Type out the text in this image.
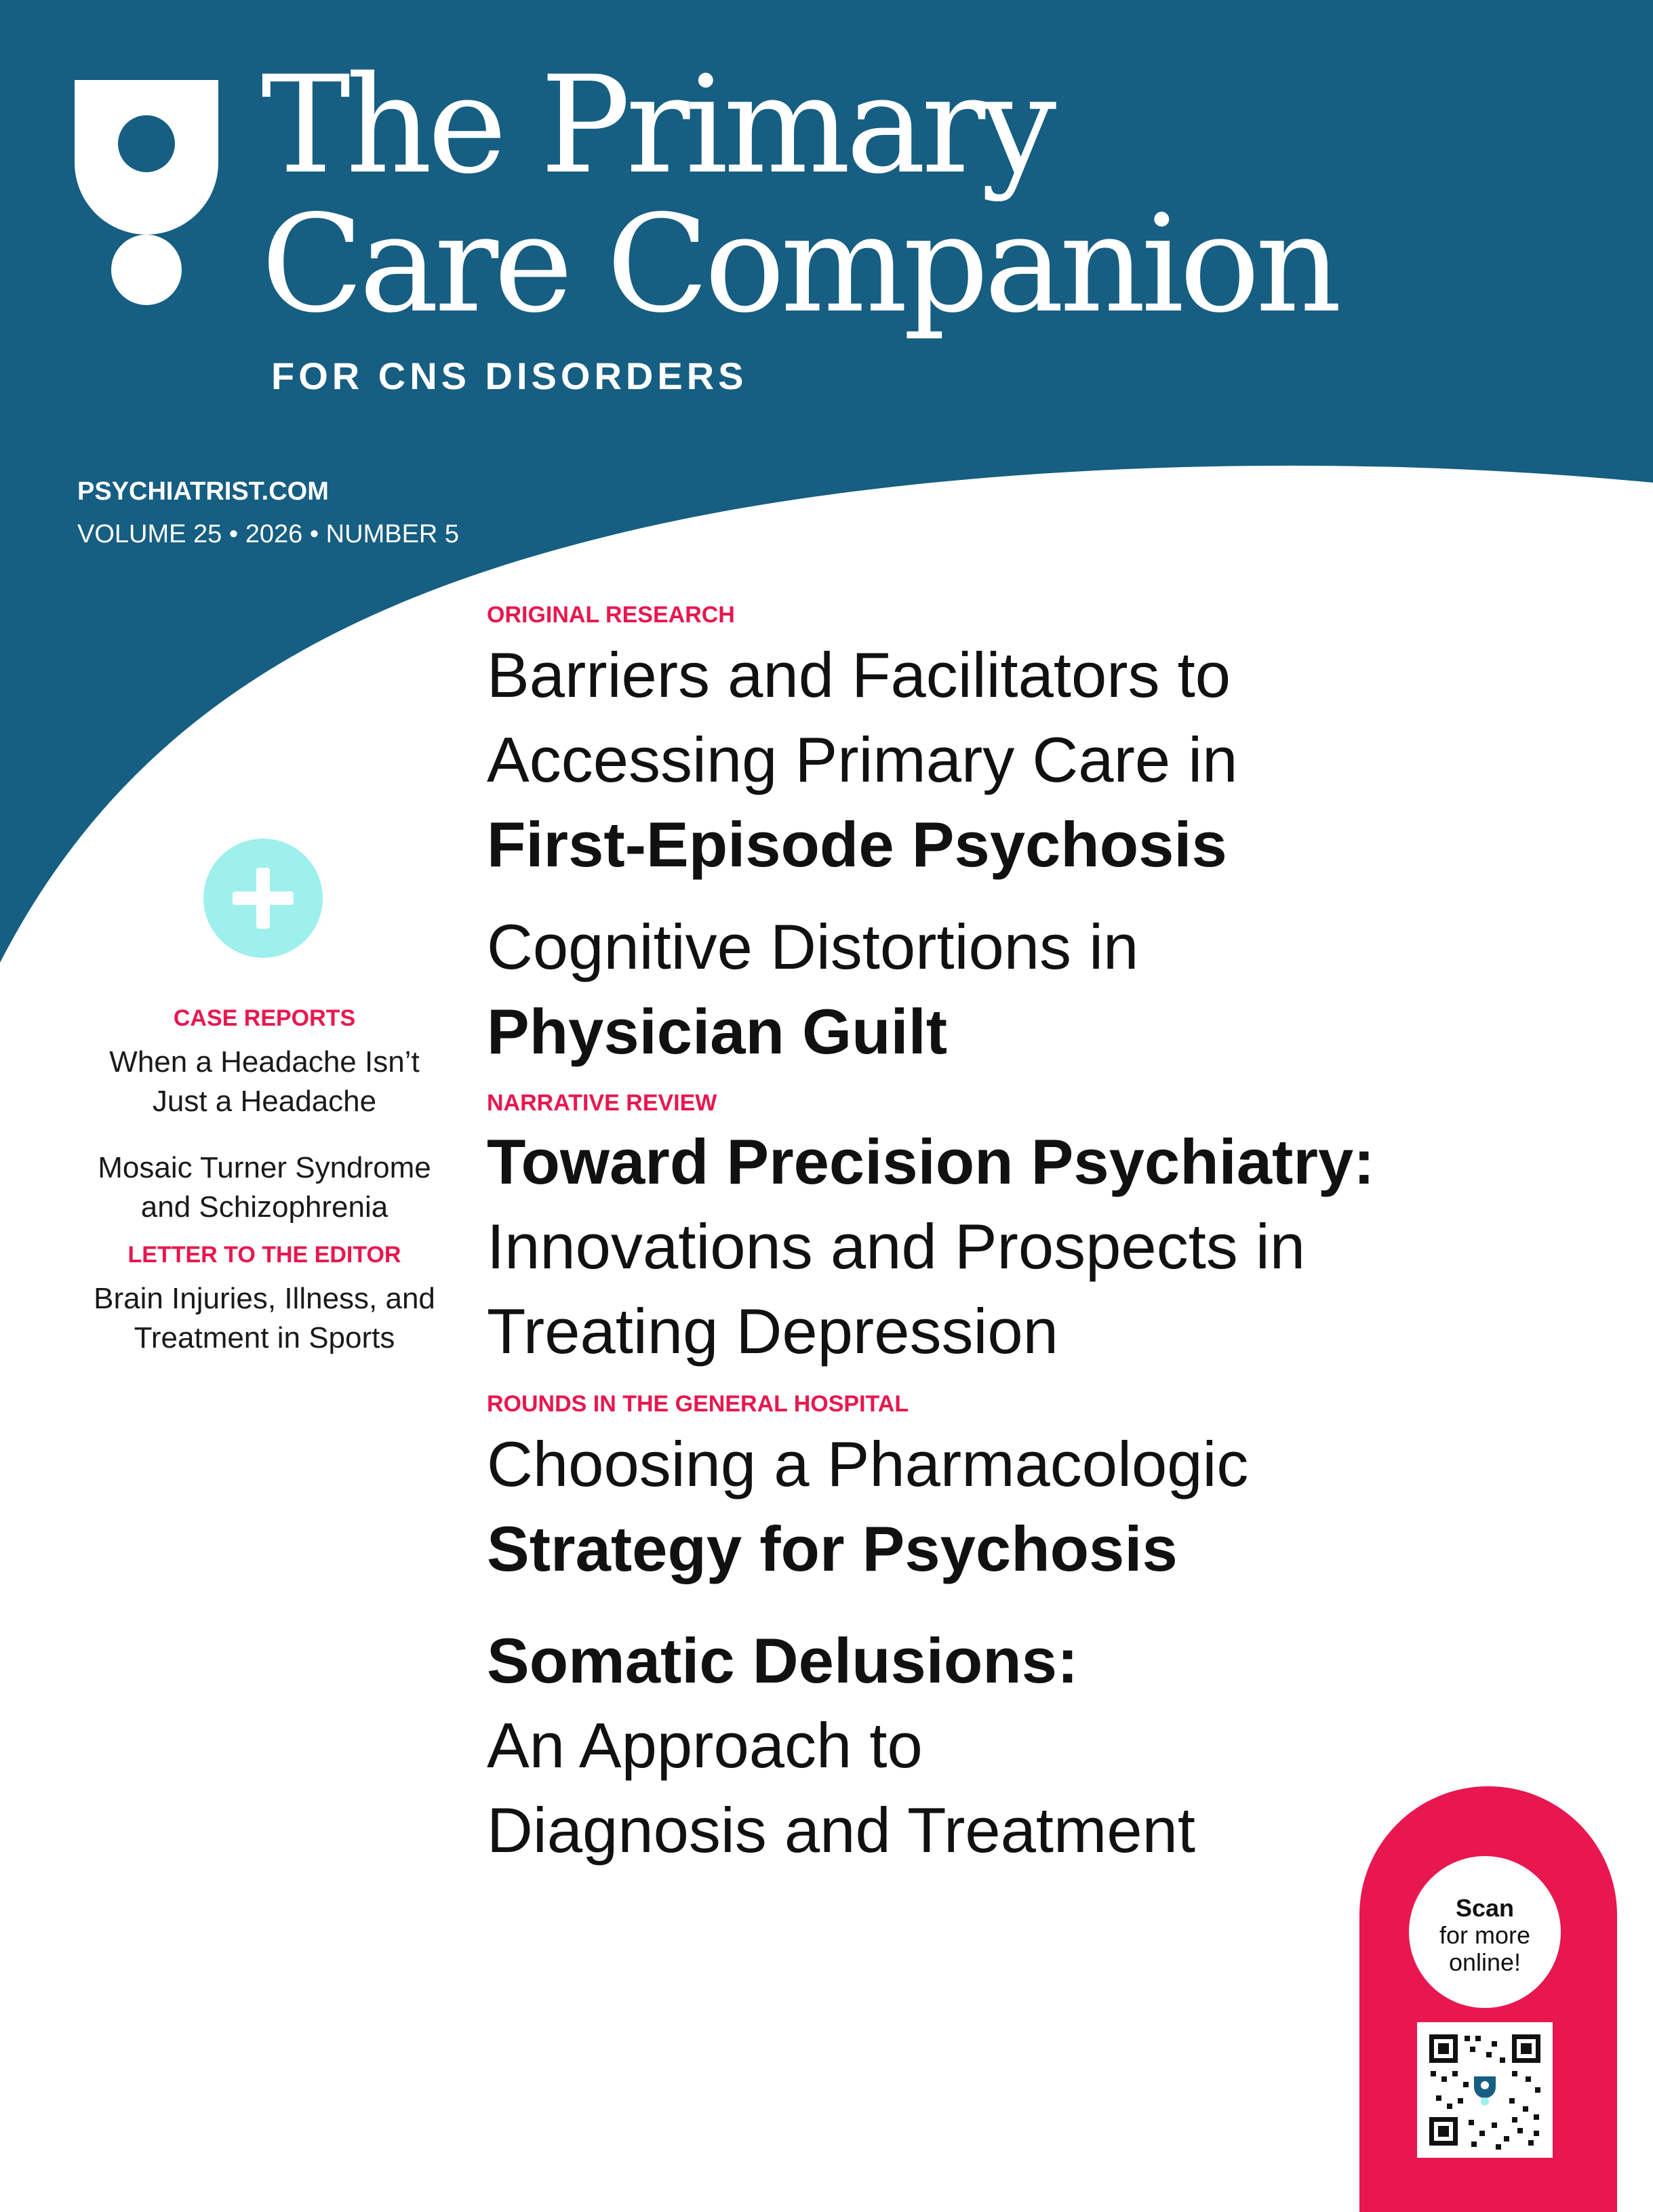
The Primary
Care Companion
FOR CNS DISORDERS
PSYCHIATRIST.COM
VOLUME 25 • 2026 • NUMBER 5
CASE REPORTS
When a Headache Isn’t
Just a Headache
Mosaic Turner Syndrome
and Schizophrenia
LETTER TO THE EDITOR
Brain Injuries, Illness, and
Treatment in Sports
ORIGINAL RESEARCH
Barriers and Facilitators to
Accessing Primary Care in
First-Episode Psychosis
Cognitive Distortions in
Physician Guilt
NARRATIVE REVIEW
Toward Precision Psychiatry:
Innovations and Prospects in
Treating Depression
ROUNDS IN THE GENERAL HOSPITAL
Choosing a Pharmacologic
Strategy for Psychosis
Somatic Delusions:
An Approach to
Diagnosis and Treatment
Scan
for more
online!
